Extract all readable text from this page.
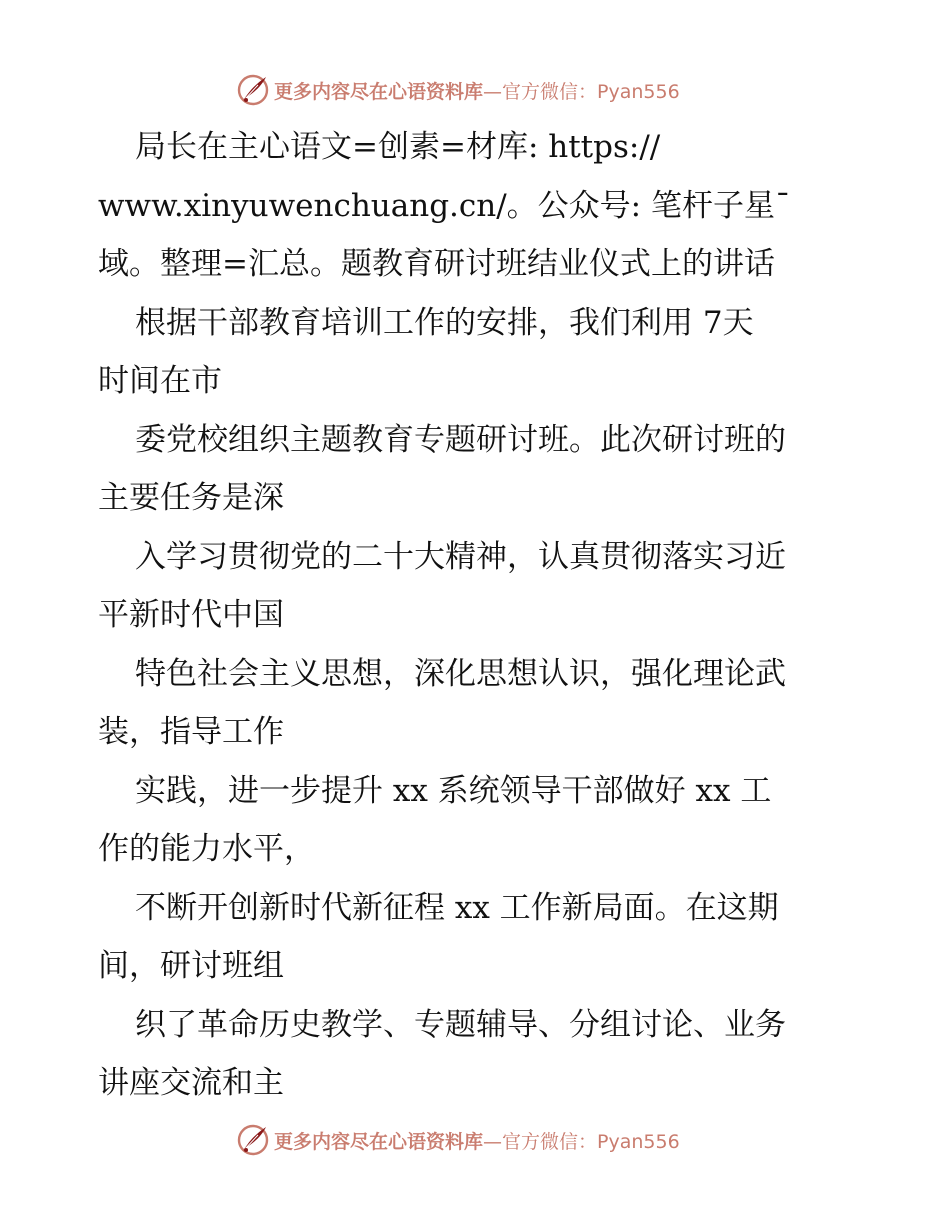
更多内容尽在心语资料库 —官方微信：Pyan556
局长在主心语文=创素=材库: https://
www.xinyuwenchuang.cn/。公众号: 笔杆子星¯
域。整理=汇总。题教育研讨班结业仪式上的讲话
根据干部教育培训工作的安排，我们利用 7天
时间在市
委党校组织主题教育专题研讨班。此次研讨班的
主要任务是深
入学习贯彻党的二十大精神，认真贯彻落实习近
平新时代中国
特色社会主义思想，深化思想认识，强化理论武
装，指导工作
实践，进一步提升 xx 系统领导干部做好 xx 工
作的能力水平，
不断开创新时代新征程 xx 工作新局面。在这期
间，研讨班组
织了革命历史教学、专题辅导、分组讨论、业务
讲座交流和主
更多内容尽在心语资料库 —官方微信：Pyan556
